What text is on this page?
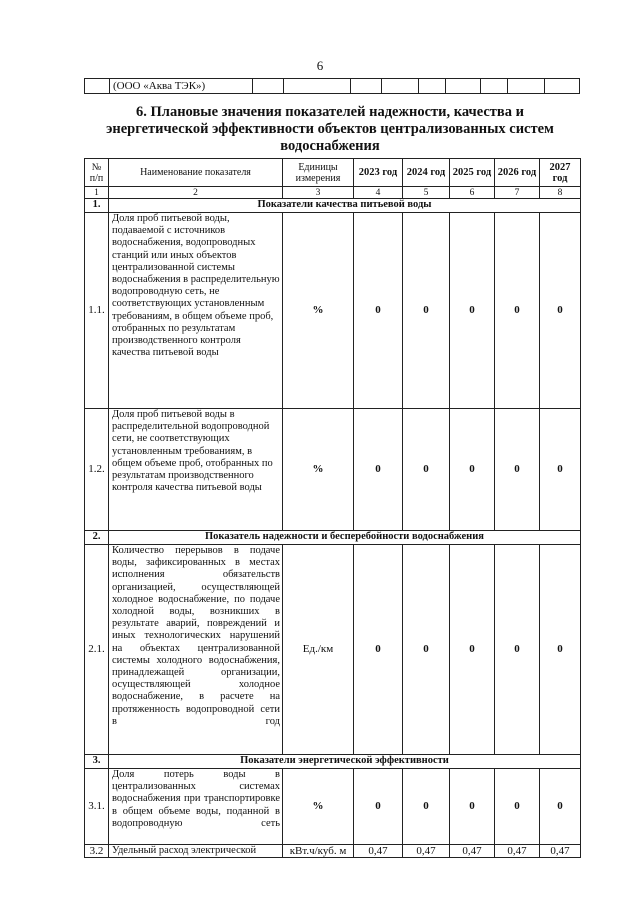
6
	(ООО «Аква ТЭК»)									
6. Плановые значения показателей надежности, качества и энергетической эффективности объектов централизованных систем водоснабжения
№ п/п	Наименование показателя	Единицы измерения	2023 год	2024 год	2025 год	2026 год	2027 год
1	2	3	4	5	6	7	8
1.	Показатели качества питьевой воды						
1.1.	Доля проб питьевой воды, подаваемой с источников водоснабжения, водопроводных станций или иных объектов централизованной системы водоснабжения в распределительную водопроводную сеть, не соответствующих установленным требованиям, в общем объеме проб, отобранных по результатам производственного контроля качества питьевой воды	%	0	0	0	0	0
1.2.	Доля проб питьевой воды в распределительной водопроводной сети, не соответствующих установленным требованиям, в общем объеме проб, отобранных по результатам производственного контроля качества питьевой воды	%	0	0	0	0	0
2.	Показатель надежности и бесперебойности водоснабжения						
2.1.	Количество перерывов в подаче воды, зафиксированных в местах исполнения обязательств организацией, осуществляющей холодное водоснабжение, по подаче холодной воды, возникших в результате аварий, повреждений и иных технологических нарушений на объектах централизованной системы холодного водоснабжения, принадлежащей организации, осуществляющей холодное водоснабжение, в расчете на протяженность водопроводной сети в год	Ед./км	0	0	0	0	0
3.	Показатели энергетической эффективности						
3.1.	Доля потерь воды в централизованных системах водоснабжения при транспортировке в общем объеме воды, поданной в водопроводную сеть	%	0	0	0	0	0
3.2	Удельный расход электрической	кВт.ч/куб. м	0,47	0,47	0,47	0,47	0,47
